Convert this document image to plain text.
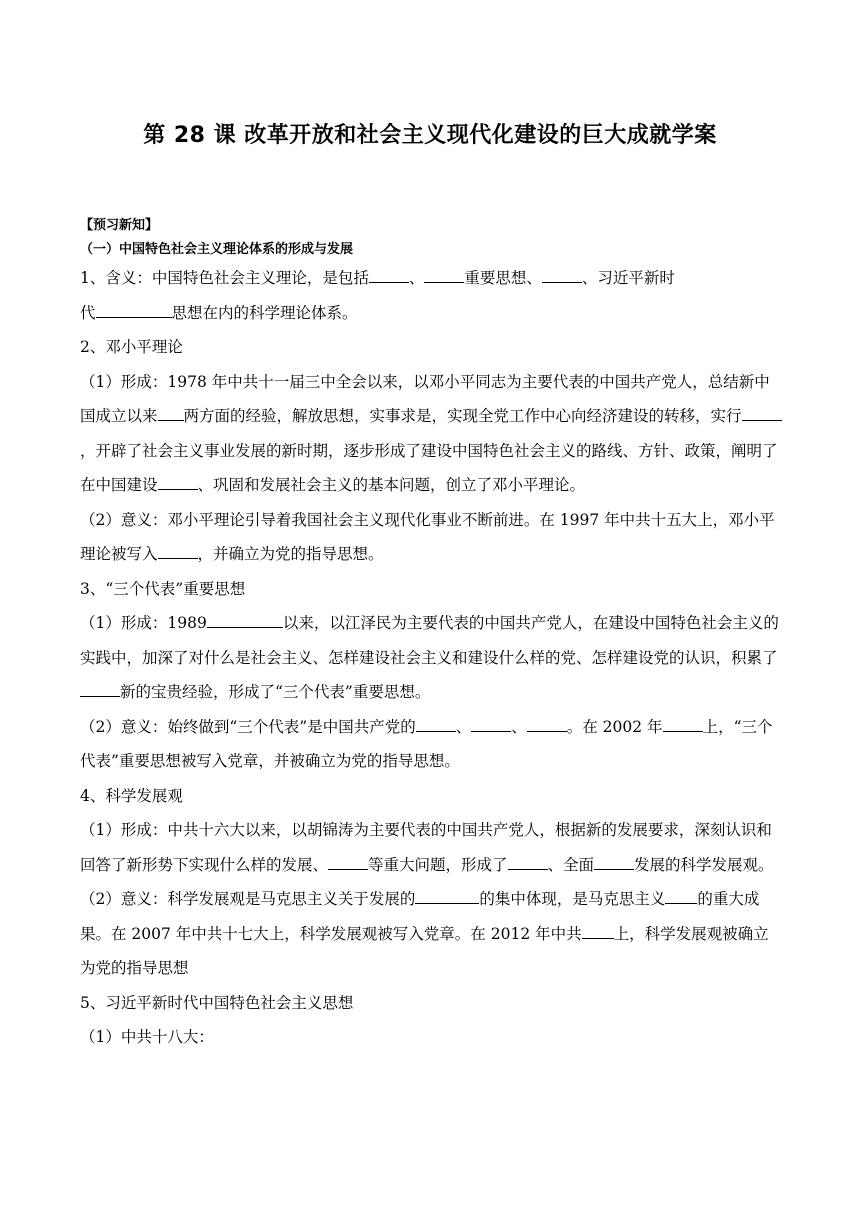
第 28 课 改革开放和社会主义现代化建设的巨大成就学案
【预习新知】
（一）中国特色社会主义理论体系的形成与发展

1、含义：中国特色社会主义理论，是包括	、	重要思想、	、习近平新时
代	思想在内的科学理论体系。

2、邓小平理论

（1）形成：1978 年中共十一届三中全会以来，以邓小平同志为主要代表的中国共产党人，总结新中国成立以来 两方面的经验，解放思想，实事求是，实现全党工作中心向经济建设的转移，实行，开辟了社会主义事业发展的新时期，逐步形成了建设中国特色社会主义的路线、方针、政策，阐明了在中国建设	、巩固和发展社会主义的基本问题，创立了邓小平理论。

（2）意义：邓小平理论引导着我国社会主义现代化事业不断前进。在 1997 年中共十五大上，邓小平理论被写入	，并确立为党的指导思想。

3、“三个代表”重要思想

（1）形成：1989	以来，以江泽民为主要代表的中国共产党人，在建设中国特色社会主义的实践中，加深了对什么是社会主义、怎样建设社会主义和建设什么样的党、怎样建设党的认识，积累了新的宝贵经验，形成了“三个代表”重要思想。

（2）意义：始终做到“三个代表”是中国共产党的	、	、	。在 2002 年	上，“三个代表”重要思想被写入党章，并被确立为党的指导思想。

4、科学发展观

（1）形成：中共十六大以来，以胡锦涛为主要代表的中国共产党人，根据新的发展要求，深刻认识和回答了新形势下实现什么样的发展、	等重大问题，形成了	、全面	发展的科学发展观。

（2）意义：科学发展观是马克思主义关于发展的	的集中体现，是马克思主义 的重大成果。在 2007 年中共十七大上，科学发展观被写入党章。在 2012 年中共 上，科学发展观被确立为党的指导思想

5、习近平新时代中国特色社会主义思想

（1）中共十八大：
